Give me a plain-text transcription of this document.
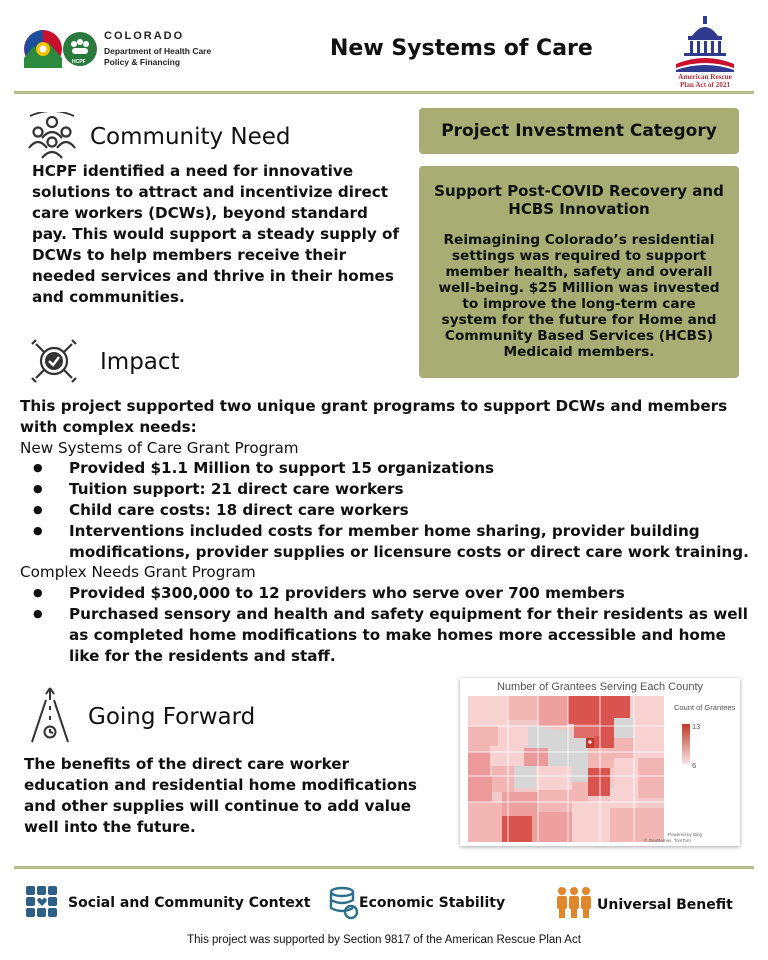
HCPF
COLORADO
Department of Health Care
Policy & Financing
New Systems of Care
American Rescue
Plan Act of 2021
Community Need
HCPF identified a need for innovative solutions to attract and incentivize direct care workers (DCWs), beyond standard pay. This would support a steady supply of DCWs to help members receive their needed services and thrive in their homes and communities.
Project Investment Category
Support Post-COVID Recovery and HCBS Innovation
Reimagining Colorado’s residential settings was required to support member health, safety and overall well-being. $25 Million was invested to improve the long-term care system for the future for Home and Community Based Services (HCBS) Medicaid members.
Impact
This project supported two unique grant programs to support DCWs and members with complex needs:
New Systems of Care Grant Program
● Provided $1.1 Million to support 15 organizations
● Tuition support: 21 direct care workers
● Child care costs: 18 direct care workers
● Interventions included costs for member home sharing, provider building modifications, provider supplies or licensure costs or direct care work training.
Complex Needs Grant Program
● Provided $300,000 to 12 providers who serve over 700 members
● Purchased sensory and health and safety equipment for their residents as well as completed home modifications to make homes more accessible and home like for the residents and staff.
Going Forward
The benefits of the direct care worker education and residential home modifications and other supplies will continue to add value well into the future.
Number of Grantees Serving Each County
Count of Grantees
13
6
Powered by Bing
© GeoNames, TomTom
Social and Community Context	Economic Stability	Universal Benefit
This project was supported by Section 9817 of the American Rescue Plan Act
